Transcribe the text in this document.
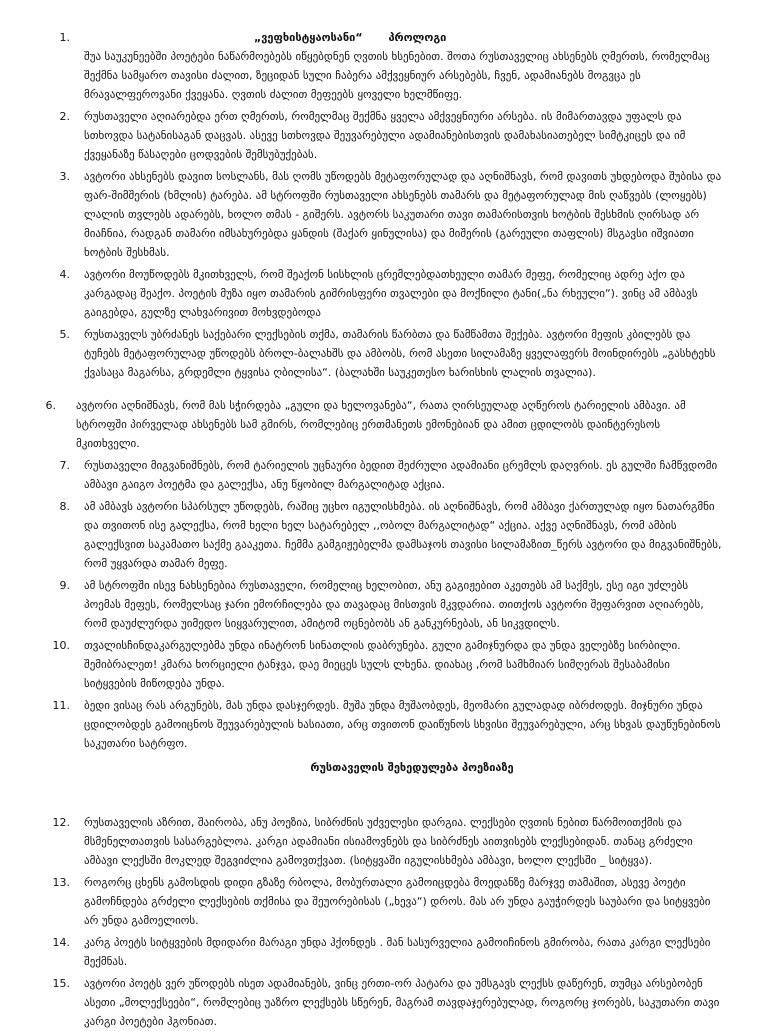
1.	„ვეფხისტყაოსანი“ პროლოგი
შუა საუკუნეებში პოეტები ნაწარმოებებს იწყებდნენ ღვთის ხსენებით. შოთა რუსთაველიც ახსენებს ღმერთს, რომელმაც შექმნა სამყარო თავისი ძალით, ზეციდან სული ჩაბერა ამქვეყნიურ არსებებს, ჩვენ, ადამიანებს მოგვცა ეს მრავალფეროვანი ქვეყანა. ღვთის ძალით მეფეებს ყოველი ხელმწიფე.
2.	რუსთაველი აღიარებდა ერთ ღმერთს, რომელმაც შექმნა ყველა ამქვეყნიური არსება. ის მიმართავდა უფალს და სთხოვდა სატანისაგან დაცვას. ასევე სთხოვდა შეუვარებული ადამიანებისთვის დამახასიათებელ სიმტკიცეს და იმ ქვეყანაზე წასაღები ცოდვების შემსუბუქებას.
3.	ავტორი ახსენებს დავით სოსლანს, მას ღომს უწოდებს მეტაფორულად და აღნიშნავს, რომ დავითს უხდებოდა შუბისა და ფარ-შიმშერის (ხმლის) ტარება. ამ სტროფში რუსთაველი ახსენებს თამარს და მეტაფორულად მის ღაწვებს (ლოყებს) ლალის თვლებს ადარებს, ხოლო თმას - გიშერს. ავტორს საკუთარი თავი თამარისთვის ხოტბის შესხმის ღირსად არ მიაჩნია, რადგან თამარი იმსახურებდა ყანდის (შაქარ ყინულისა) და მიშერის (გარეული თაფლის) მსგავსი იშვიათი ხოტბის შესხმას.
4.	ავტორი მოუწოდებს მკითხველს, რომ შეაქონ სისხლის ცრემლებდათხეული თამარ მეფე, რომელიც ადრე აქო და კარგადაც შეაქო. პოეტის მუზა იყო თამარის გიშრისფერი თვალები და მოქნილი ტანი(„ნა რხეული“). ვინც ამ ამბავს გაიგებდა, გულზე ლახვარივით მოხვდებოდა
5.	რუსთაველს უბრძანეს საქებარი ლექსების თქმა, თამარის წარბთა და წამწამთა შექება. ავტორი მეფის კბილებს და ტუჩებს მეტაფორულად უწოდებს ბროლ-ბალახშს და ამბობს, რომ ასეთი სილამაზე ყველაფერს მოინდირებს „გასხტეხს ქვასაცა მაგარსა, გრდემლი ტყვისა ღბილისა“. (ბალახში საუკეთესო ხარისხის ლალის თვალია).
6.	ავტორი აღნიშნავს, რომ მას სჭირდება „გული და ხელოვანება“, რათა ღირსეულად აღწეროს ტარიელის ამბავი. ამ სტროფში პირველად ახსენებს სამ გმირს, რომლებიც ერთმანეთს ემონებიან და ამით ცდილობს დაინტერესოს მკითხველი.
7.	რუსთაველი მიგვანიშნებს, რომ ტარიელის უცნაური ბედით შეძრული ადამიანი ცრემლს დაღვრის. ეს გულში ჩამწვდომი ამბავი გაიგო პოეტმა და გალექსა, ანუ წყობილ მარგალიტად აქცია.
8.	ამ ამბავს ავტორი სპარსულ უწოდებს, რაშიც უცხო იგულისხმება. ის აღნიშნავს, რომ ამბავი ქართულად იყო ნათარგმნი და თვითონ ისე გალექსა, რომ ხელი ხელ სატარებელ ,,ობოლ მარგალიტად“ აქცია. აქვე აღნიშნავს, რომ ამბის გალექსვით საკამათო საქმე გააკეთა. ჩემმა გამგიჟებელმა დამსაჯოს თავისი სილამაზით_წერს ავტორი და მიგვანიშნებს, რომ უყვარდა თამარ მეფე.
9.	ამ სტროფში ისევ ნახსენებია რუსთაველი, რომელიც ხელობით, ანუ გაგიჟებით აკეთებს ამ საქმეს, ესე იგი უძლებს პოემას მეფეს, რომელსაც ჯარი ემორჩილება და თავადაც მისთვის მკვდარია. თითქოს ავტორი შეფარვით აღიარებს, რომ დაუძლურდა უიმედო სიყვარულით, ამიტომ ოცნებობს ან განკურნებას, ან სიკვდილს.
10.	თვალისჩინდაკარგულებმა უნდა ინატრონ სინათლის დაბრუნება. გული გამიჯნურდა და უნდა ველებზე სირბილი. შემიბრალეთ! კმარა ხორციელი ტანჯვა, დაე მიეცეს სულს ლხენა. დიახაც ,რომ სამხმიარ სიმღერას შესაბამისი სიტყვების მიწოდება უნდა.
11.	ბედი ვისაც რას არგუნებს, მას უნდა დასჯერდეს. მუშა უნდა მუშაობდეს, მეომარი გულადად იბრძოდეს. მიჯნური უნდა ცდილობდეს გამოიცნოს შეუვარებულის ხასიათი, არც თვითონ დაიწუნოს სხვისი შეუვარებული, არც სხვას დაუწუნებინოს საკუთარი სატრფო.
რუსთაველის შეხედულება პოეზიაზე
12.	რუსთაველის აზრით, შაირობა, ანუ პოეზია, სიბრძნის უძველესი დარგია. ლექსები ღვთის ნებით წარმოითქმის და მსმენელთათვის სასარგებლოა. კარგი ადამიანი ისიამოვნებს და სიბრძნეს აითვისებს ლექსებიდან. თანაც გრძელი ამბავი ლექსში მოკლედ შეგვიძლია გამოვთქვათ. (სიტყვაში იგულისხმება ამბავი, ხოლო ლექსში _ სიტყვა).
13.	როგორც ცხენს გამოსდის დიდი გზაზე რბოლა, მობურთალი გამოიცდება მოედანზე მარჯვე თამაშით, ასევე პოეტი გამოჩნდება გრძელი ლექსების თქმისა და შეუორებისას („ხევა“) დროს. მას არ უნდა გაუჭირდეს საუბარი და სიტყვები არ უნდა გამოელიოს.
14.	კარგ პოეტს სიტყვების მდიდარი მარაგი უნდა ჰქონდეს . მან სასურველია გამოიჩინოს გმირობა, რათა კარგი ლექსები შექმნას.
15.	ავტორი პოეტს ვერ უწოდებს ისეთ ადამიანებს, ვინც ერთი-ორ პატარა და უმსგავს ლექსს დაწერენ, თუმცა არსებობენ ასეთი „მოლექსეები“, რომლებიც უაზრო ლექსებს სწერენ, მაგრამ თავდაჯერებულად, როგორც ჯორებს, საკუთარი თავი კარგი პოეტები ჰგონიათ.
